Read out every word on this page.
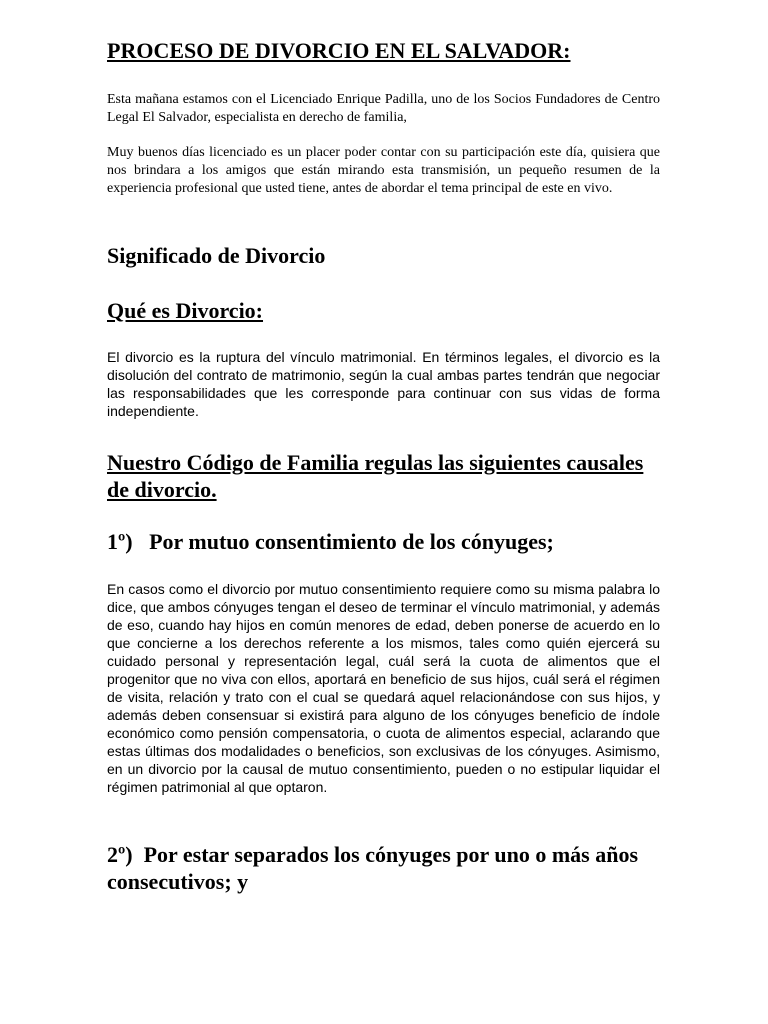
PROCESO DE DIVORCIO EN EL SALVADOR:

Esta mañana estamos con el Licenciado Enrique Padilla, uno de los Socios Fundadores de Centro Legal El Salvador, especialista en derecho de familia,

Muy buenos días licenciado es un placer poder contar con su participación este día, quisiera que nos brindara a los amigos que están mirando esta transmisión, un pequeño resumen de la experiencia profesional que usted tiene, antes de abordar el tema principal de este en vivo.

Significado de Divorcio
Qué es Divorcio:

El divorcio es la ruptura del vínculo matrimonial. En términos legales, el divorcio es la disolución del contrato de matrimonio, según la cual ambas partes tendrán que negociar las responsabilidades que les corresponde para continuar con sus vidas de forma independiente.

Nuestro Código de Familia regulas las siguientes causales de divorcio.
1º) Por mutuo consentimiento de los cónyuges;

En casos como el divorcio por mutuo consentimiento requiere como su misma palabra lo dice, que ambos cónyuges tengan el deseo de terminar el vínculo matrimonial, y además de eso, cuando hay hijos en común menores de edad, deben ponerse de acuerdo en lo que concierne a los derechos referente a los mismos, tales como quién ejercerá su cuidado personal y representación legal, cuál será la cuota de alimentos que el progenitor que no viva con ellos, aportará en beneficio de sus hijos, cuál será el régimen de visita, relación y trato con el cual se quedará aquel relacionándose con sus hijos, y además deben consensuar si existirá para alguno de los cónyuges beneficio de índole económico como pensión compensatoria, o cuota de alimentos especial, aclarando que estas últimas dos modalidades o beneficios, son exclusivas de los cónyuges. Asimismo, en un divorcio por la causal de mutuo consentimiento, pueden o no estipular liquidar el régimen patrimonial al que optaron.

2º) Por estar separados los cónyuges por uno o más años consecutivos; y
